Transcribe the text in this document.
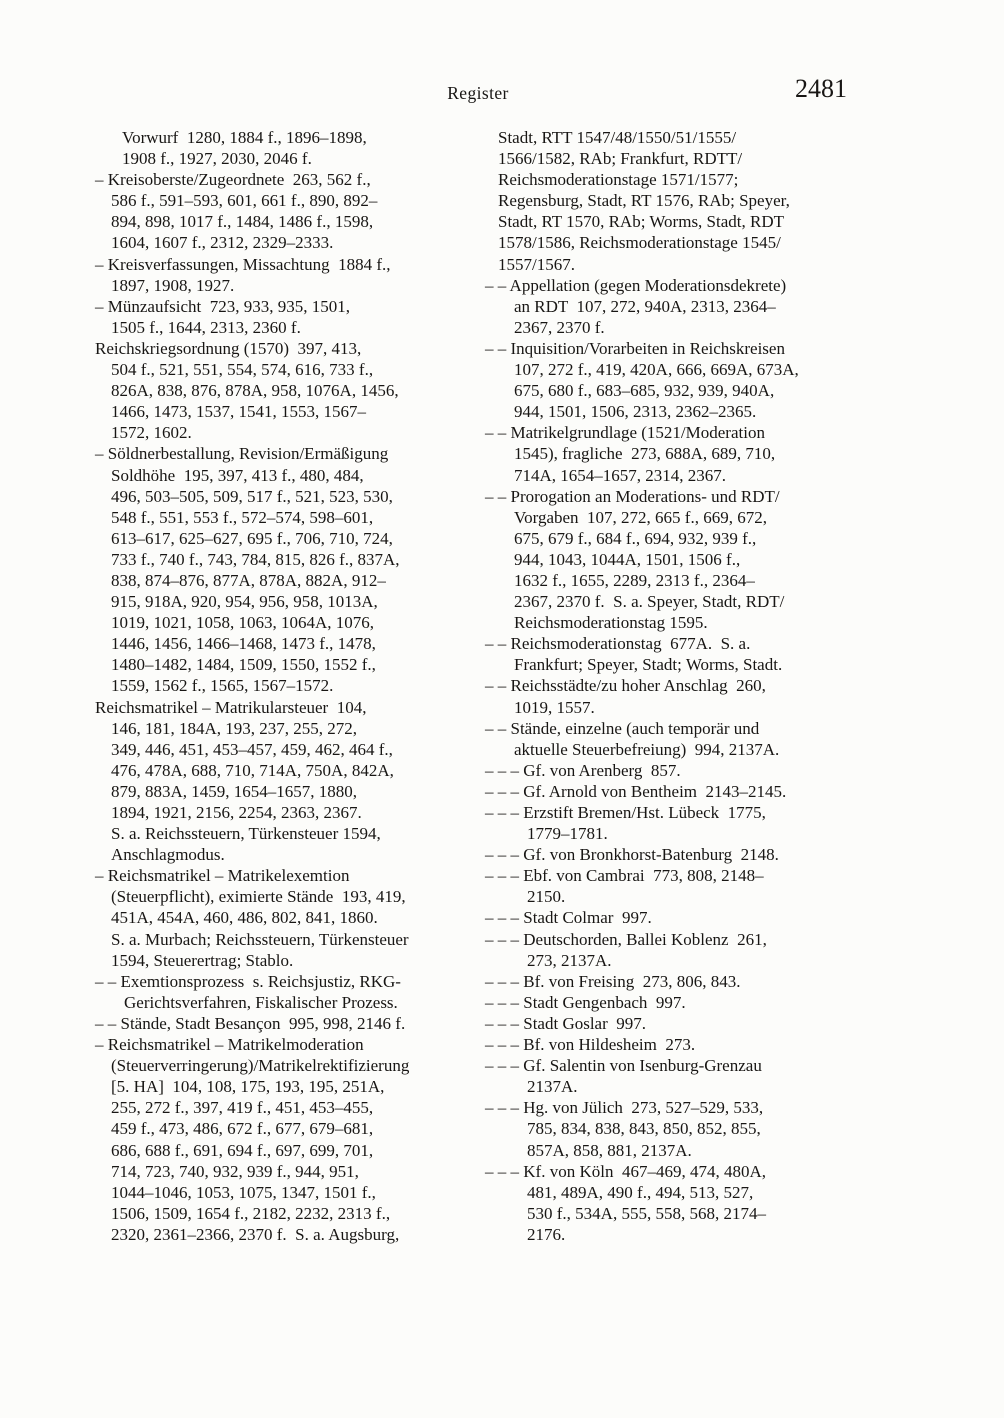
Register	2481
Vorwurf  1280, 1884 f., 1896–1898,
1908 f., 1927, 2030, 2046 f.
– Kreisoberste/Zugeordnete  263, 562 f.,
586 f., 591–593, 601, 661 f., 890, 892–
894, 898, 1017 f., 1484, 1486 f., 1598,
1604, 1607 f., 2312, 2329–2333.
– Kreisverfassungen, Missachtung  1884 f.,
1897, 1908, 1927.
– Münzaufsicht  723, 933, 935, 1501,
1505 f., 1644, 2313, 2360 f.
Reichskriegsordnung (1570)  397, 413,
504 f., 521, 551, 554, 574, 616, 733 f.,
826A, 838, 876, 878A, 958, 1076A, 1456,
1466, 1473, 1537, 1541, 1553, 1567–
1572, 1602.
– Söldnerbestallung, Revision/Ermäßigung
Soldhöhe  195, 397, 413 f., 480, 484,
496, 503–505, 509, 517 f., 521, 523, 530,
548 f., 551, 553 f., 572–574, 598–601,
613–617, 625–627, 695 f., 706, 710, 724,
733 f., 740 f., 743, 784, 815, 826 f., 837A,
838, 874–876, 877A, 878A, 882A, 912–
915, 918A, 920, 954, 956, 958, 1013A,
1019, 1021, 1058, 1063, 1064A, 1076,
1446, 1456, 1466–1468, 1473 f., 1478,
1480–1482, 1484, 1509, 1550, 1552 f.,
1559, 1562 f., 1565, 1567–1572.
Reichsmatrikel – Matrikularsteuer  104,
146, 181, 184A, 193, 237, 255, 272,
349, 446, 451, 453–457, 459, 462, 464 f.,
476, 478A, 688, 710, 714A, 750A, 842A,
879, 883A, 1459, 1654–1657, 1880,
1894, 1921, 2156, 2254, 2363, 2367.
S. a. Reichssteuern, Türkensteuer 1594,
Anschlagmodus.
– Reichsmatrikel – Matrikelexemtion
(Steuerpflicht), eximierte Stände  193, 419,
451A, 454A, 460, 486, 802, 841, 1860.
S. a. Murbach; Reichssteuern, Türkensteuer
1594, Steuerertrag; Stablo.
– – Exemtionsprozess  s. Reichsjustiz, RKG-
Gerichtsverfahren, Fiskalischer Prozess.
– – Stände, Stadt Besançon  995, 998, 2146 f.
– Reichsmatrikel – Matrikelmoderation
(Steuerverringerung)/Matrikelrektifizierung
[5. HA]  104, 108, 175, 193, 195, 251A,
255, 272 f., 397, 419 f., 451, 453–455,
459 f., 473, 486, 672 f., 677, 679–681,
686, 688 f., 691, 694 f., 697, 699, 701,
714, 723, 740, 932, 939 f., 944, 951,
1044–1046, 1053, 1075, 1347, 1501 f.,
1506, 1509, 1654 f., 2182, 2232, 2313 f.,
2320, 2361–2366, 2370 f.  S. a. Augsburg,
Stadt, RTT 1547/48/1550/51/1555/
1566/1582, RAb; Frankfurt, RDTT/
Reichsmoderationstage 1571/1577;
Regensburg, Stadt, RT 1576, RAb; Speyer,
Stadt, RT 1570, RAb; Worms, Stadt, RDT
1578/1586, Reichsmoderationstage 1545/
1557/1567.
– – Appellation (gegen Moderationsdekrete)
an RDT  107, 272, 940A, 2313, 2364–
2367, 2370 f.
– – Inquisition/Vorarbeiten in Reichskreisen
107, 272 f., 419, 420A, 666, 669A, 673A,
675, 680 f., 683–685, 932, 939, 940A,
944, 1501, 1506, 2313, 2362–2365.
– – Matrikelgrundlage (1521/Moderation
1545), fragliche  273, 688A, 689, 710,
714A, 1654–1657, 2314, 2367.
– – Prorogation an Moderations- und RDT/
Vorgaben  107, 272, 665 f., 669, 672,
675, 679 f., 684 f., 694, 932, 939 f.,
944, 1043, 1044A, 1501, 1506 f.,
1632 f., 1655, 2289, 2313 f., 2364–
2367, 2370 f.  S. a. Speyer, Stadt, RDT/
Reichsmoderationstag 1595.
– – Reichsmoderationstag  677A.  S. a.
Frankfurt; Speyer, Stadt; Worms, Stadt.
– – Reichsstädte/zu hoher Anschlag  260,
1019, 1557.
– – Stände, einzelne (auch temporär und
aktuelle Steuerbefreiung)  994, 2137A.
– – – Gf. von Arenberg  857.
– – – Gf. Arnold von Bentheim  2143–2145.
– – – Erzstift Bremen/Hst. Lübeck  1775,
1779–1781.
– – – Gf. von Bronkhorst-Batenburg  2148.
– – – Ebf. von Cambrai  773, 808, 2148–
2150.
– – – Stadt Colmar  997.
– – – Deutschorden, Ballei Koblenz  261,
273, 2137A.
– – – Bf. von Freising  273, 806, 843.
– – – Stadt Gengenbach  997.
– – – Stadt Goslar  997.
– – – Bf. von Hildesheim  273.
– – – Gf. Salentin von Isenburg-Grenzau
2137A.
– – – Hg. von Jülich  273, 527–529, 533,
785, 834, 838, 843, 850, 852, 855,
857A, 858, 881, 2137A.
– – – Kf. von Köln  467–469, 474, 480A,
481, 489A, 490 f., 494, 513, 527,
530 f., 534A, 555, 558, 568, 2174–
2176.
